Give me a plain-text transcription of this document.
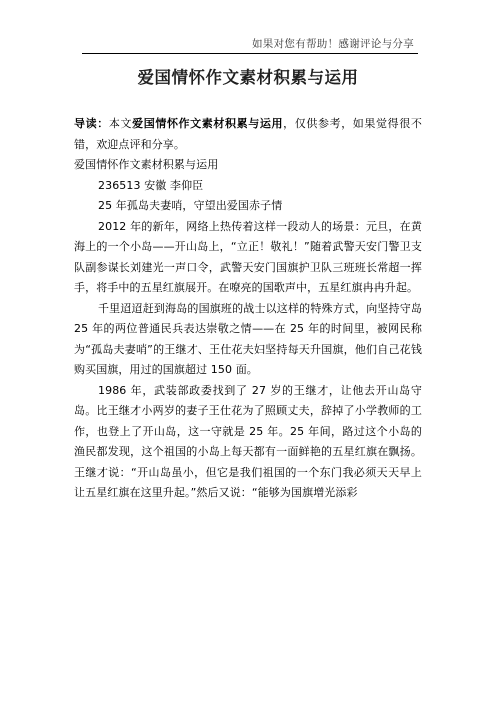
如果对您有帮助！感谢评论与分享
爱国情怀作文素材积累与运用

导读：本文爱国情怀作文素材积累与运用，仅供参考，如果觉得很不错，欢迎点评和分享。

爱国情怀作文素材积累与运用

236513 安徽 李仰臣

25 年孤岛夫妻哨，守望出爱国赤子情

2012 年的新年，网络上热传着这样一段动人的场景：元旦，在黄海上的一个小岛——开山岛上，“立正！敬礼！”随着武警天安门警卫支队副参谋长刘建光一声口令，武警天安门国旗护卫队三班班长常超一挥手，将手中的五星红旗展开。在嘹亮的国歌声中，五星红旗冉冉升起。

千里迢迢赶到海岛的国旗班的战士以这样的特殊方式，向坚持守岛 25 年的两位普通民兵表达崇敬之情——在 25 年的时间里，被网民称为“孤岛夫妻哨”的王继才、王仕花夫妇坚持每天升国旗，他们自己花钱购买国旗，用过的国旗超过 150 面。

1986 年，武装部政委找到了 27 岁的王继才，让他去开山岛守岛。比王继才小两岁的妻子王仕花为了照顾丈夫，辞掉了小学教师的工作，也登上了开山岛，这一守就是 25 年。25 年间，路过这个小岛的渔民都发现，这个祖国的小岛上每天都有一面鲜艳的五星红旗在飘扬。王继才说：“开山岛虽小，但它是我们祖国的一个东门我必须天天早上让五星红旗在这里升起。”然后又说：“能够为国旗增光添彩
